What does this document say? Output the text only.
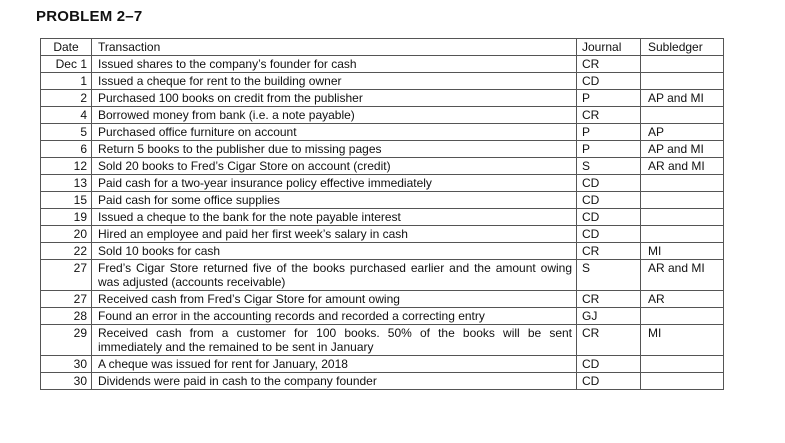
PROBLEM 2–7
Date	Transaction	Journal	Subledger
Dec 1	Issued shares to the company’s founder for cash	CR	
1	Issued a cheque for rent to the building owner	CD	
2	Purchased 100 books on credit from the publisher	P	AP and MI
4	Borrowed money from bank (i.e. a note payable)	CR	
5	Purchased office furniture on account	P	AP
6	Return 5 books to the publisher due to missing pages	P	AP and MI
12	Sold 20 books to Fred’s Cigar Store on account (credit)	S	AR and MI
13	Paid cash for a two-year insurance policy effective immediately	CD	
15	Paid cash for some office supplies	CD	
19	Issued a cheque to the bank for the note payable interest	CD	
20	Hired an employee and paid her first week’s salary in cash	CD	
22	Sold 10 books for cash	CR	MI
27	Fred’s Cigar Store returned five of the books purchased earlier and the amount owing was adjusted (accounts receivable)	S	AR and MI
27	Received cash from Fred’s Cigar Store for amount owing	CR	AR
28	Found an error in the accounting records and recorded a correcting entry	GJ	
29	Received cash from a customer for 100 books. 50% of the books will be sent immediately and the remained to be sent in January	CR	MI
30	A cheque was issued for rent for January, 2018	CD	
30	Dividends were paid in cash to the company founder	CD	
